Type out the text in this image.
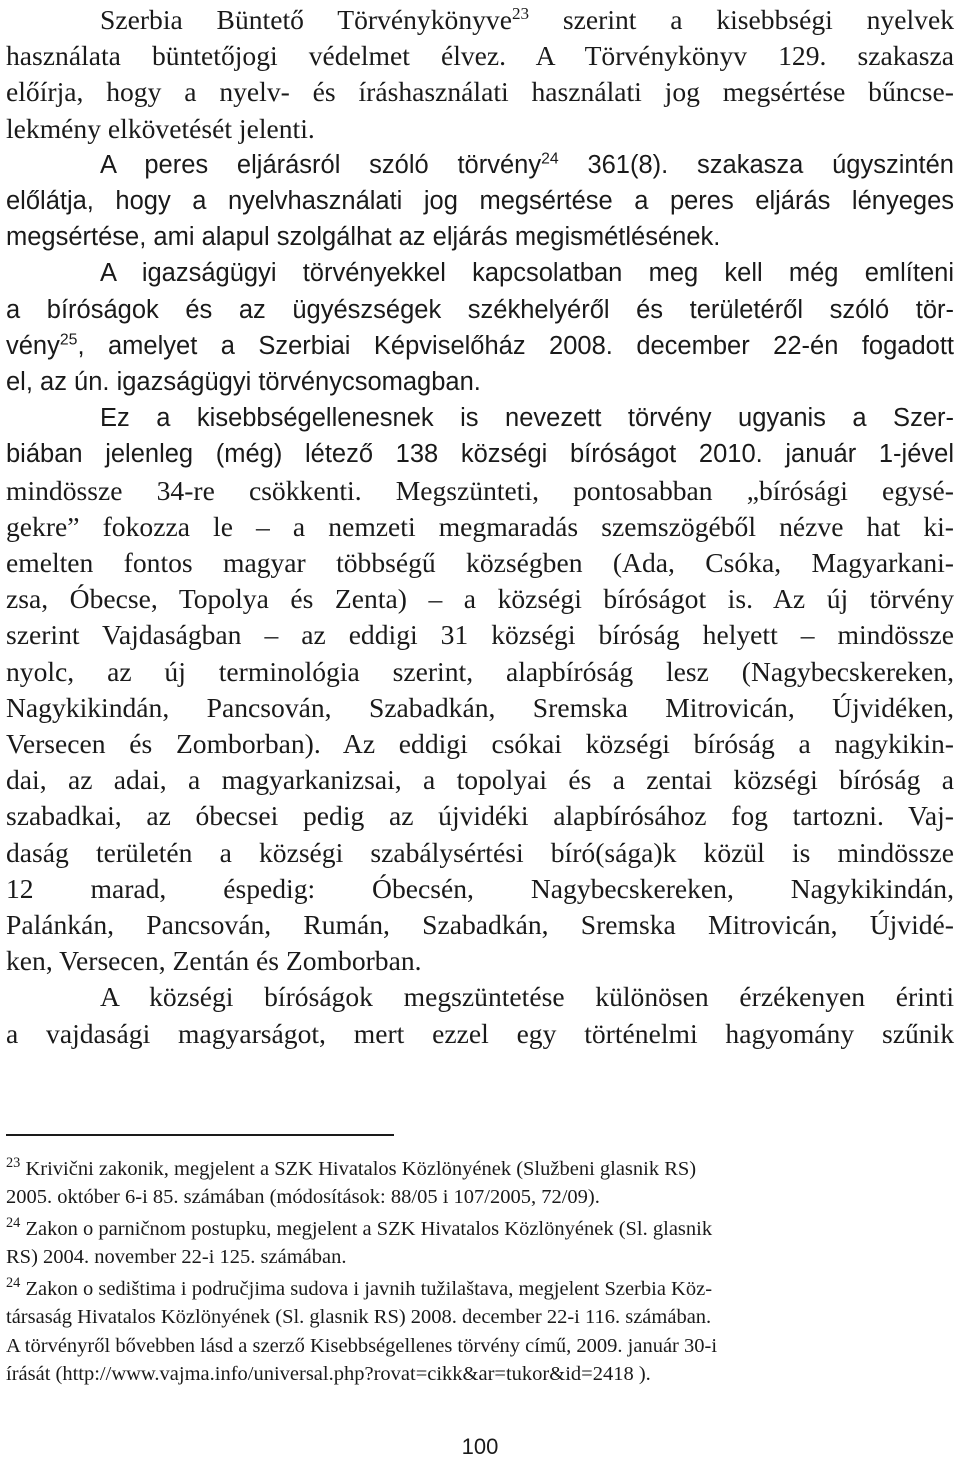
Szerbia Büntető Törvénykönyve$^{23}$ szerint a kisebbségi nyelvek
használata büntetőjogi védelmet élvez. A Törvénykönyv 129. szakasza
előírja, hogy a nyelv- és íráshasználati használati jog megsértése bűncse-
lekmény elkövetését jelenti.
A peres eljárásról szóló törvény$^{24}$ 361(8). szakasza úgyszintén
előlátja, hogy a nyelvhasználati jog megsértése a peres eljárás lényeges
megsértése, ami alapul szolgálhat az eljárás megismétlésének.
A igazságügyi törvényekkel kapcsolatban meg kell még említeni
a bíróságok és az ügyészségek székhelyéről és területéről szóló tör-
vény$^{25}$, amelyet a Szerbiai Képviselőház 2008. december 22-én fogadott
el, az ún. igazságügyi törvénycsomagban.
Ez a kisebbségellenesnek is nevezett törvény ugyanis a Szer-
biában jelenleg (még) létező 138 községi bíróságot 2010. január 1-jével
mindössze 34-re csökkenti. Megszünteti, pontosabban „bírósági egysé-
gekre” fokozza le – a nemzeti megmaradás szemszögéből nézve hat ki-
emelten fontos magyar többségű községben (Ada, Csóka, Magyarkani-
zsa, Óbecse, Topolya és Zenta) – a községi bíróságot is. Az új törvény
szerint Vajdaságban – az eddigi 31 községi bíróság helyett – mindössze
nyolc, az új terminológia szerint, alapbíróság lesz (Nagybecskereken,
Nagykikindán, Pancsován, Szabadkán, Sremska Mitrovicán, Újvidéken,
Versecen és Zomborban). Az eddigi csókai községi bíróság a nagykikin-
dai, az adai, a magyarkanizsai, a topolyai és a zentai községi bíróság a
szabadkai, az óbecsei pedig az újvidéki alapbírósához fog tartozni. Vaj-
daság területén a községi szabálysértési bíró(sága)k közül is mindössze
12 marad, éspedig: Óbecsén, Nagybecskereken, Nagykikindán,
Palánkán, Pancsován, Rumán, Szabadkán, Sremska Mitrovicán, Újvidé-
ken, Versecen, Zentán és Zomborban.
A községi bíróságok megszüntetése különösen érzékenyen érinti
a vajdasági magyarságot, mert ezzel egy történelmi hagyomány szűnik
$^{23}$ Krivični zakonik, megjelent a SZK Hivatalos Közlönyének (Službeni glasnik RS)
2005. október 6-i 85. számában (módosítások: 88/05 i 107/2005, 72/09).
$^{24}$ Zakon o parničnom postupku, megjelent a SZK Hivatalos Közlönyének (Sl. glasnik
RS) 2004. november 22-i 125. számában.
$^{24}$ Zakon o sedištima i područjima sudova i javnih tužilaštava, megjelent Szerbia Köz-
társaság Hivatalos Közlönyének (Sl. glasnik RS) 2008. december 22-i 116. számában.
A törvényről bővebben lásd a szerző Kisebbségellenes törvény című, 2009. január 30-i
írását (http://www.vajma.info/universal.php?rovat=cikk&ar=tukor&id=2418 ).
100
